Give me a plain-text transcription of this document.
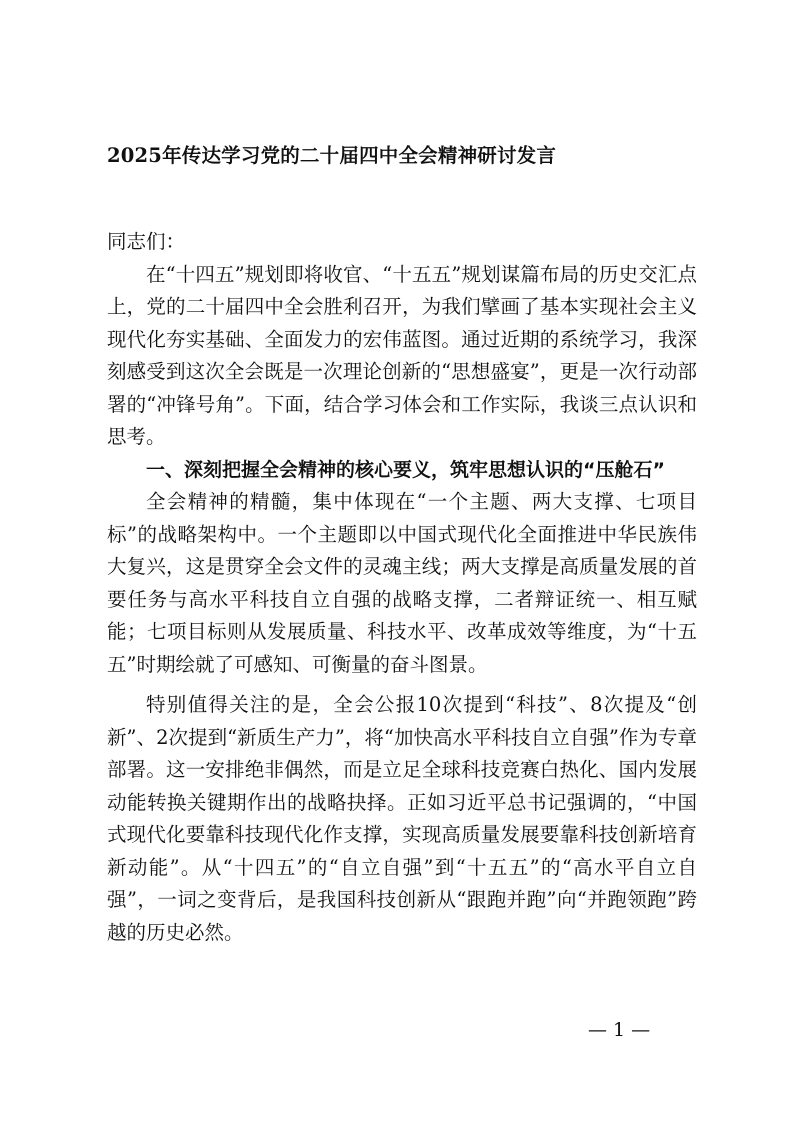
2025年传达学习党的二十届四中全会精神研讨发言

同志们：

在“十四五”规划即将收官、“十五五”规划谋篇布局的历史交汇点上，党的二十届四中全会胜利召开，为我们擘画了基本实现社会主义现代化夯实基础、全面发力的宏伟蓝图。通过近期的系统学习，我深刻感受到这次全会既是一次理论创新的“思想盛宴”，更是一次行动部署的“冲锋号角”。下面，结合学习体会和工作实际，我谈三点认识和思考。

一、深刻把握全会精神的核心要义，筑牢思想认识的“压舱石”

全会精神的精髓，集中体现在“一个主题、两大支撑、七项目标”的战略架构中。一个主题即以中国式现代化全面推进中华民族伟大复兴，这是贯穿全会文件的灵魂主线；两大支撑是高质量发展的首要任务与高水平科技自立自强的战略支撑，二者辩证统一、相互赋能；七项目标则从发展质量、科技水平、改革成效等维度，为“十五五”时期绘就了可感知、可衡量的奋斗图景。

特别值得关注的是，全会公报10次提到“科技”、8次提及“创新”、2次提到“新质生产力”，将“加快高水平科技自立自强”作为专章部署。这一安排绝非偶然，而是立足全球科技竞赛白热化、国内发展动能转换关键期作出的战略抉择。正如习近平总书记强调的，“中国式现代化要靠科技现代化作支撑，实现高质量发展要靠科技创新培育新动能”。从“十四五”的“自立自强”到“十五五”的“高水平自立自强”，一词之变背后，是我国科技创新从“跟跑并跑”向“并跑领跑”跨越的历史必然。

— 1 —
